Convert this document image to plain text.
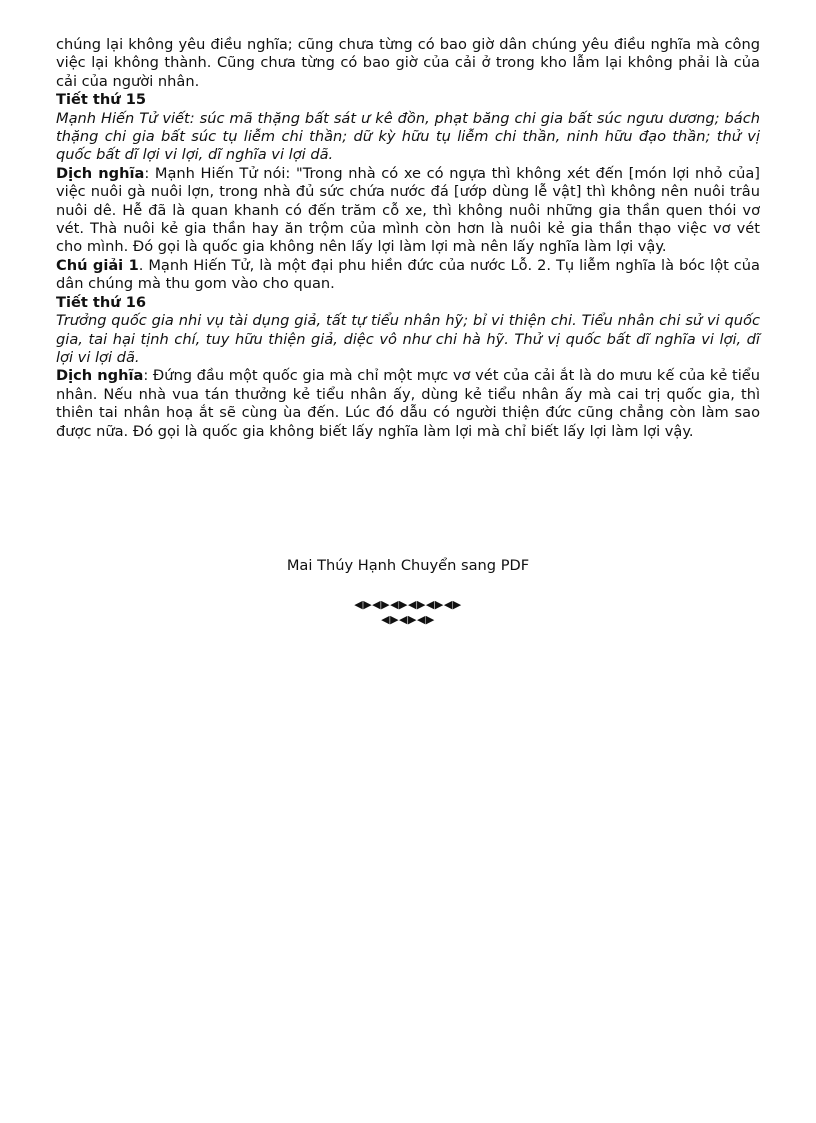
chúng lại không yêu điều nghĩa; cũng chưa từng có bao giờ dân chúng yêu điều nghĩa mà công việc lại không thành. Cũng chưa từng có bao giờ của cải ở trong kho lẫm lại không phải là của cải của người nhân.

Tiết thứ 15

Mạnh Hiến Tử viết: súc mã thặng bất sát ư kê đồn, phạt băng chi gia bất súc ngưu dương; bách thặng chi gia bất súc tụ liễm chi thần; dữ kỳ hữu tụ liễm chi thần, ninh hữu đạo thần; thử vị quốc bất dĩ lợi vi lợi, dĩ nghĩa vi lợi dã.

Dịch nghĩa: Mạnh Hiến Tử nói: "Trong nhà có xe có ngựa thì không xét đến [món lợi nhỏ của] việc nuôi gà nuôi lợn, trong nhà đủ sức chứa nước đá [ướp dùng lễ vật] thì không nên nuôi trâu nuôi dê. Hễ đã là quan khanh có đến trăm cỗ xe, thì không nuôi những gia thần quen thói vơ vét. Thà nuôi kẻ gia thần hay ăn trộm của mình còn hơn là nuôi kẻ gia thần thạo việc vơ vét cho mình. Đó gọi là quốc gia không nên lấy lợi làm lợi mà nên lấy nghĩa làm lợi vậy.

Chú giải 1. Mạnh Hiến Tử, là một đại phu hiền đức của nước Lỗ. 2. Tụ liễm nghĩa là bóc lột của dân chúng mà thu gom vào cho quan.

Tiết thứ 16

Trưởng quốc gia nhi vụ tài dụng giả, tất tự tiểu nhân hỹ; bỉ vi thiện chi. Tiểu nhân chi sử vi quốc gia, tai hại tịnh chí, tuy hữu thiện giả, diệc vô như chi hà hỹ. Thử vị quốc bất dĩ nghĩa vi lợi, dĩ lợi vi lợi dã.

Dịch nghĩa: Đứng đầu một quốc gia mà chỉ một mực vơ vét của cải ắt là do mưu kế của kẻ tiểu nhân. Nếu nhà vua tán thưởng kẻ tiểu nhân ấy, dùng kẻ tiểu nhân ấy mà cai trị quốc gia, thì thiên tai nhân hoạ ắt sẽ cùng ùa đến. Lúc đó dẫu có người thiện đức cũng chẳng còn làm sao được nữa. Đó gọi là quốc gia không biết lấy nghĩa làm lợi mà chỉ biết lấy lợi làm lợi vậy.

Mai Thúy Hạnh Chuyển sang PDF
◀▶◀▶◀▶◀▶◀▶◀▶
◀▶◀▶◀▶
